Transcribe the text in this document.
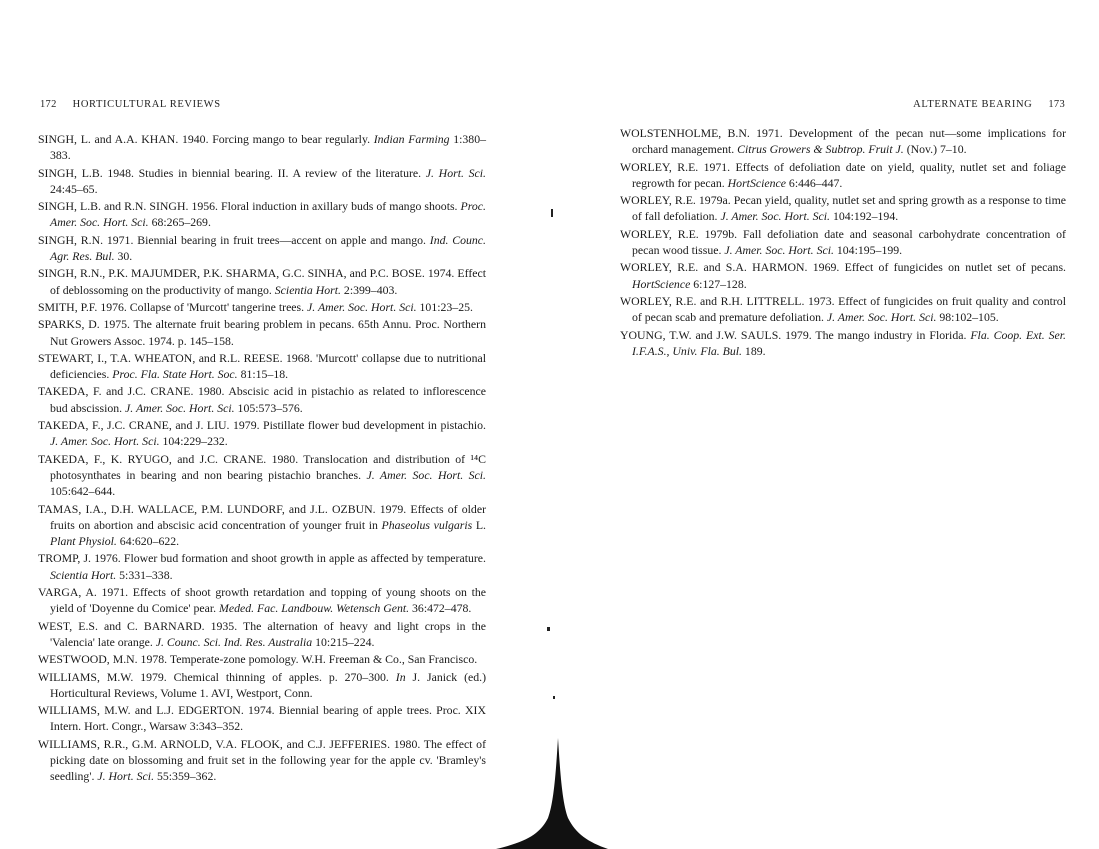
172 HORTICULTURAL REVIEWS
SINGH, L. and A.A. KHAN. 1940. Forcing mango to bear regularly. Indian Farming 1:380–383.
SINGH, L.B. 1948. Studies in biennial bearing. II. A review of the literature. J. Hort. Sci. 24:45–65.
SINGH, L.B. and R.N. SINGH. 1956. Floral induction in axillary buds of mango shoots. Proc. Amer. Soc. Hort. Sci. 68:265–269.
SINGH, R.N. 1971. Biennial bearing in fruit trees—accent on apple and mango. Ind. Counc. Agr. Res. Bul. 30.
SINGH, R.N., P.K. MAJUMDER, P.K. SHARMA, G.C. SINHA, and P.C. BOSE. 1974. Effect of deblossoming on the productivity of mango. Scientia Hort. 2:399–403.
SMITH, P.F. 1976. Collapse of 'Murcott' tangerine trees. J. Amer. Soc. Hort. Sci. 101:23–25.
SPARKS, D. 1975. The alternate fruit bearing problem in pecans. 65th Annu. Proc. Northern Nut Growers Assoc. 1974. p. 145–158.
STEWART, I., T.A. WHEATON, and R.L. REESE. 1968. 'Murcott' collapse due to nutritional deficiencies. Proc. Fla. State Hort. Soc. 81:15–18.
TAKEDA, F. and J.C. CRANE. 1980. Abscisic acid in pistachio as related to inflorescence bud abscission. J. Amer. Soc. Hort. Sci. 105:573–576.
TAKEDA, F., J.C. CRANE, and J. LIU. 1979. Pistillate flower bud development in pistachio. J. Amer. Soc. Hort. Sci. 104:229–232.
TAKEDA, F., K. RYUGO, and J.C. CRANE. 1980. Translocation and distribution of ¹⁴C photosynthates in bearing and non bearing pistachio branches. J. Amer. Soc. Hort. Sci. 105:642–644.
TAMAS, I.A., D.H. WALLACE, P.M. LUNDORF, and J.L. OZBUN. 1979. Effects of older fruits on abortion and abscisic acid concentration of younger fruit in Phaseolus vulgaris L. Plant Physiol. 64:620–622.
TROMP, J. 1976. Flower bud formation and shoot growth in apple as affected by temperature. Scientia Hort. 5:331–338.
VARGA, A. 1971. Effects of shoot growth retardation and topping of young shoots on the yield of 'Doyenne du Comice' pear. Meded. Fac. Landbouw. Wetensch Gent. 36:472–478.
WEST, E.S. and C. BARNARD. 1935. The alternation of heavy and light crops in the 'Valencia' late orange. J. Counc. Sci. Ind. Res. Australia 10:215–224.
WESTWOOD, M.N. 1978. Temperate-zone pomology. W.H. Freeman & Co., San Francisco.
WILLIAMS, M.W. 1979. Chemical thinning of apples. p. 270–300. In J. Janick (ed.) Horticultural Reviews, Volume 1. AVI, Westport, Conn.
WILLIAMS, M.W. and L.J. EDGERTON. 1974. Biennial bearing of apple trees. Proc. XIX Intern. Hort. Congr., Warsaw 3:343–352.
WILLIAMS, R.R., G.M. ARNOLD, V.A. FLOOK, and C.J. JEFFERIES. 1980. The effect of picking date on blossoming and fruit set in the following year for the apple cv. 'Bramley's seedling'. J. Hort. Sci. 55:359–362.
ALTERNATE BEARING 173
WOLSTENHOLME, B.N. 1971. Development of the pecan nut—some implications for orchard management. Citrus Growers & Subtrop. Fruit J. (Nov.) 7–10.
WORLEY, R.E. 1971. Effects of defoliation date on yield, quality, nutlet set and foliage regrowth for pecan. HortScience 6:446–447.
WORLEY, R.E. 1979a. Pecan yield, quality, nutlet set and spring growth as a response to time of fall defoliation. J. Amer. Soc. Hort. Sci. 104:192–194.
WORLEY, R.E. 1979b. Fall defoliation date and seasonal carbohydrate concentration of pecan wood tissue. J. Amer. Soc. Hort. Sci. 104:195–199.
WORLEY, R.E. and S.A. HARMON. 1969. Effect of fungicides on nutlet set of pecans. HortScience 6:127–128.
WORLEY, R.E. and R.H. LITTRELL. 1973. Effect of fungicides on fruit quality and control of pecan scab and premature defoliation. J. Amer. Soc. Hort. Sci. 98:102–105.
YOUNG, T.W. and J.W. SAULS. 1979. The mango industry in Florida. Fla. Coop. Ext. Ser. I.F.A.S., Univ. Fla. Bul. 189.
